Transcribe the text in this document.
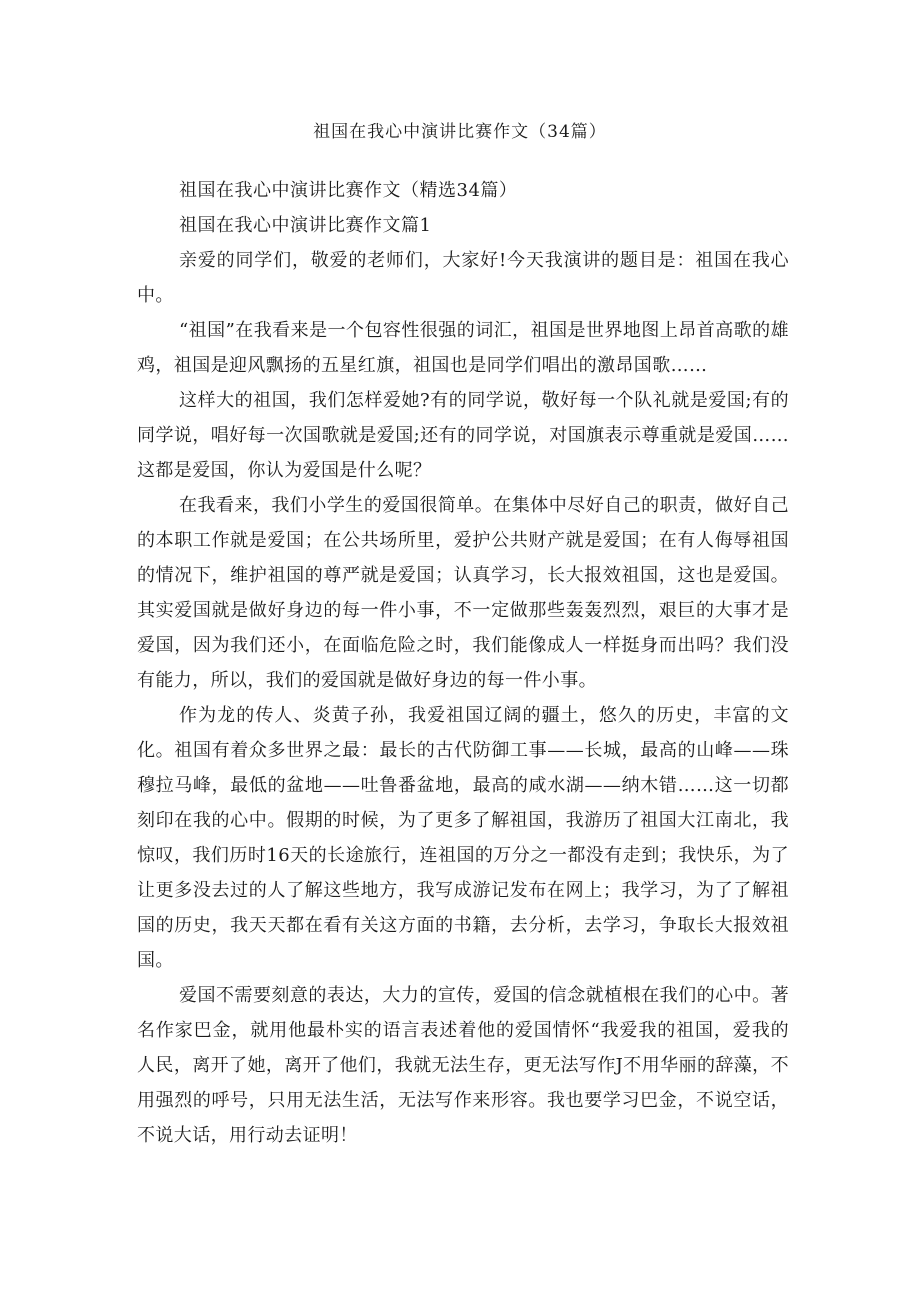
祖国在我心中演讲比赛作文（34篇）

祖国在我心中演讲比赛作文（精选34篇）

祖国在我心中演讲比赛作文篇1

亲爱的同学们，敬爱的老师们，大家好!今天我演讲的题目是：祖国在我心中。

“祖国”在我看来是一个包容性很强的词汇，祖国是世界地图上昂首高歌的雄鸡，祖国是迎风飘扬的五星红旗，祖国也是同学们唱出的激昂国歌……

这样大的祖国，我们怎样爱她?有的同学说，敬好每一个队礼就是爱国;有的同学说，唱好每一次国歌就是爱国;还有的同学说，对国旗表示尊重就是爱国……这都是爱国，你认为爱国是什么呢？

在我看来，我们小学生的爱国很简单。在集体中尽好自己的职责，做好自己的本职工作就是爱国；在公共场所里，爱护公共财产就是爱国；在有人侮辱祖国的情况下，维护祖国的尊严就是爱国；认真学习，长大报效祖国，这也是爱国。其实爱国就是做好身边的每一件小事，不一定做那些轰轰烈烈，艰巨的大事才是爱国，因为我们还小，在面临危险之时，我们能像成人一样挺身而出吗？我们没有能力，所以，我们的爱国就是做好身边的每一件小事。

作为龙的传人、炎黄子孙，我爱祖国辽阔的疆土，悠久的历史，丰富的文化。祖国有着众多世界之最：最长的古代防御工事——长城，最高的山峰——珠穆拉马峰，最低的盆地——吐鲁番盆地，最高的咸水湖——纳木错……这一切都刻印在我的心中。假期的时候，为了更多了解祖国，我游历了祖国大江南北，我惊叹，我们历时16天的长途旅行，连祖国的万分之一都没有走到；我快乐，为了让更多没去过的人了解这些地方，我写成游记发布在网上；我学习，为了了解祖国的历史，我天天都在看有关这方面的书籍，去分析，去学习，争取长大报效祖国。

爱国不需要刻意的表达，大力的宣传，爱国的信念就植根在我们的心中。著名作家巴金，就用他最朴实的语言表述着他的爱国情怀“我爱我的祖国，爱我的人民，离开了她，离开了他们，我就无法生存，更无法写作J不用华丽的辞藻，不用强烈的呼号，只用无法生活，无法写作来形容。我也要学习巴金，不说空话，不说大话，用行动去证明！
